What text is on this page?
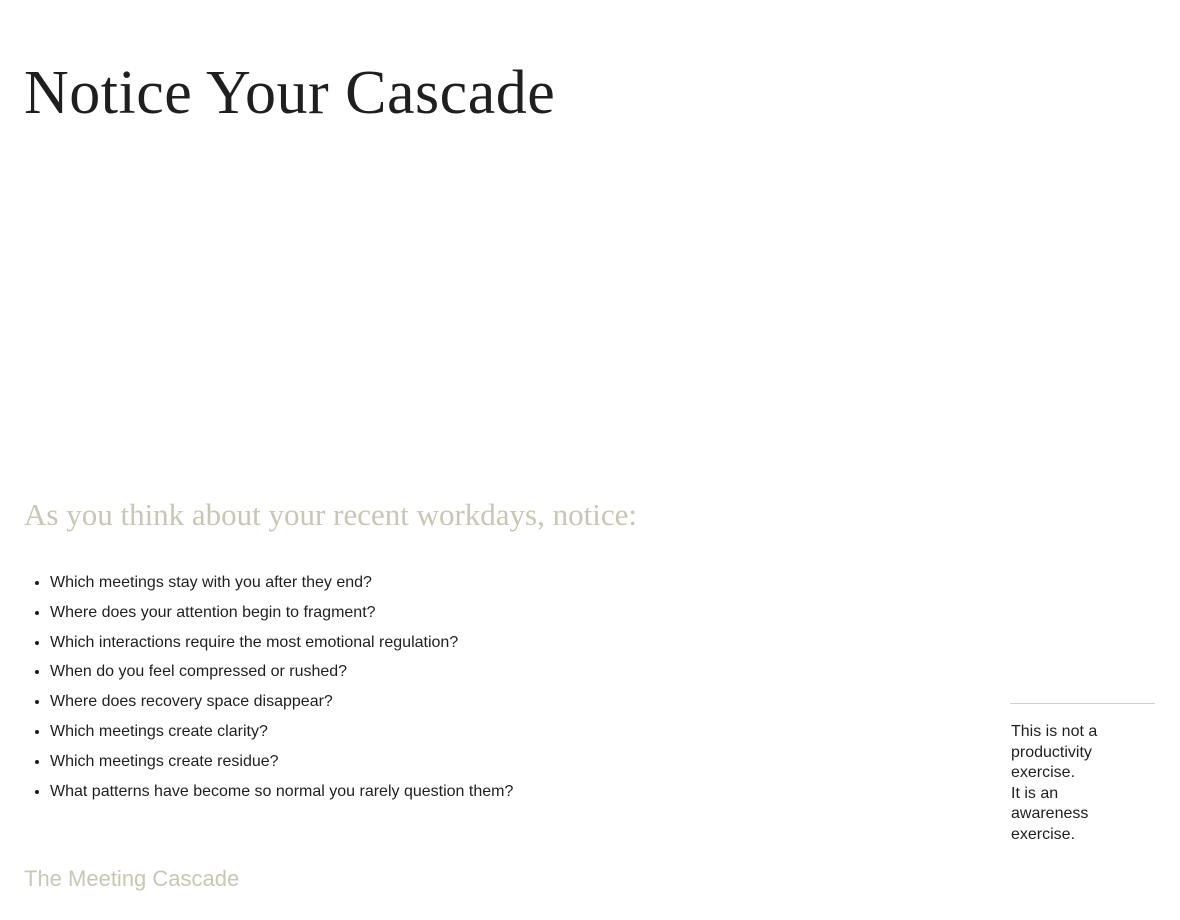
Notice Your Cascade
As you think about your recent workdays, notice:
• Which meetings stay with you after they end?
• Where does your attention begin to fragment?
• Which interactions require the most emotional regulation?
• When do you feel compressed or rushed?
• Where does recovery space disappear?
• Which meetings create clarity?
• Which meetings create residue?
• What patterns have become so normal you rarely question them?

This is not a productivity exercise.
It is an awareness exercise.

The Meeting Cascade
